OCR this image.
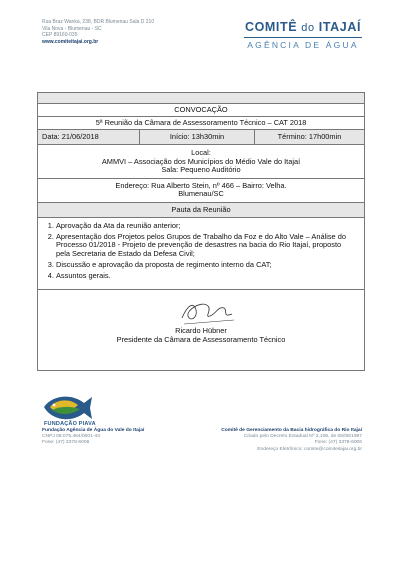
Rua Braz Wanka, 238, BDR Blumenau Sala D 210
Vila Nova - Blumenau - SC
CEP 89160-035
www.comiteitajai.org.br
COMITÊ do ITAJAÍ
AGÊNCIA DE ÁGUA
CONVOCAÇÃO
5ª Reunião da Câmara de Assessoramento Técnico – CAT 2018
Data: 21/06/2018	Início: 13h30min	Término: 17h00min
Local:
AMMVI – Associação dos Municípios do Médio Vale do Itajaí
Sala: Pequeno Auditório
Endereço: Rua Alberto Stein, nº 466 – Bairro: Velha.
Blumenau/SC
Pauta da Reunião
1. Aprovação da Ata da reunião anterior;
2. Apresentação dos Projetos pelos Grupos de Trabalho da Foz e do Alto Vale – Análise do Processo 01/2018 - Projeto de prevenção de desastres na bacia do Rio Itajaí, proposto pela Secretaria de Estado da Defesa Civil;
3. Discussão e aprovação da proposta de regimento interno da CAT;
4. Assuntos gerais.
Ricardo Hübner
Presidente da Câmara de Assessoramento Técnico
FUNDAÇÃO PIAVA
Fundação Agência de Água do Vale do Itajaí
CNPJ 08.075.464/0001-43
Fone: (47) 3378-6006
Comitê de Gerenciamento da Bacia hidrográfica do Rio Itajaí
Criado pelo Decreto Estadual Nº 2.109, de 05/08/1997
Fone: (47) 3378-6006
Endereço Eletrônico: comite@comiteitajai.org.br
